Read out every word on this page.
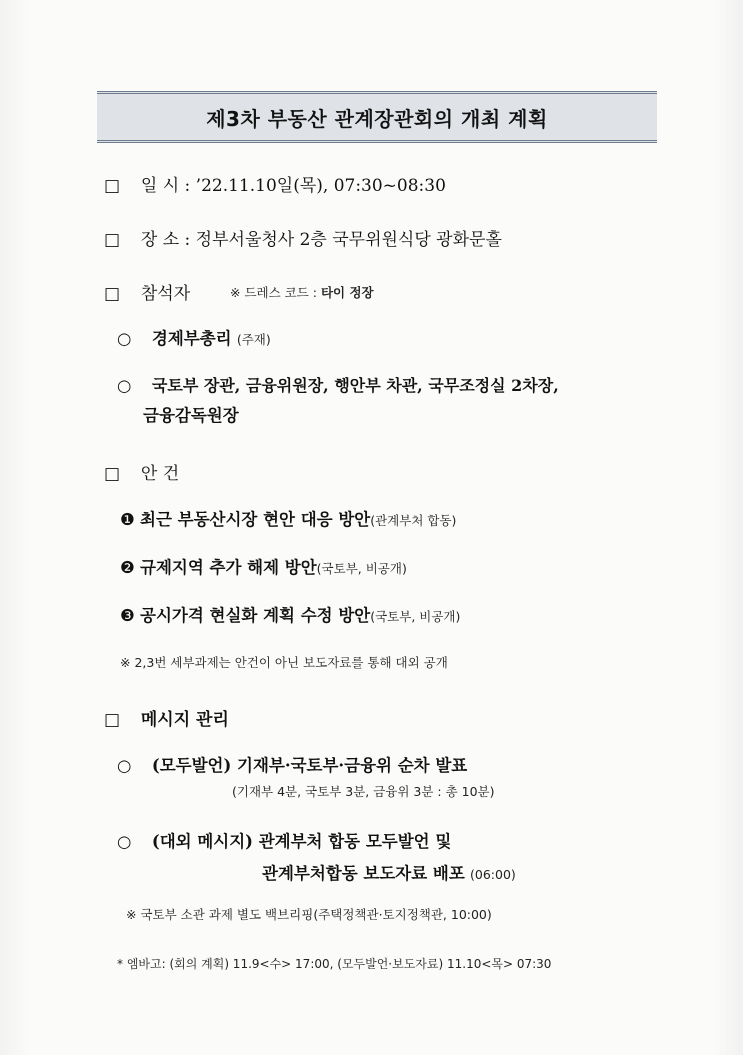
제3차 부동산 관계장관회의 개최 계획
□ 일 시 : ’22.11.10일(목), 07:30~08:30
□ 장 소 : 정부서울청사 2층 국무위원식당 광화문홀
□ 참석자	※ 드레스 코드 : 타이 정장
○ 경제부총리 (주재)
○ 국토부 장관, 금융위원장, 행안부 차관, 국무조정실 2차장,
금융감독원장
□ 안 건
❶ 최근 부동산시장 현안 대응 방안(관계부처 합동)
❷ 규제지역 추가 해제 방안(국토부, 비공개)
❸ 공시가격 현실화 계획 수정 방안(국토부, 비공개)
※ 2,3번 세부과제는 안건이 아닌 보도자료를 통해 대외 공개
□ 메시지 관리
○ (모두발언) 기재부·국토부·금융위 순차 발표
(기재부 4분, 국토부 3분, 금융위 3분 : 총 10분)
○ (대외 메시지) 관계부처 합동 모두발언 및
관계부처합동 보도자료 배포 (06:00)
※ 국토부 소관 과제 별도 백브리핑(주택정책관·토지정책관, 10:00)
* 엠바고: (회의 계획) 11.9<수> 17:00, (모두발언·보도자료) 11.10<목> 07:30
